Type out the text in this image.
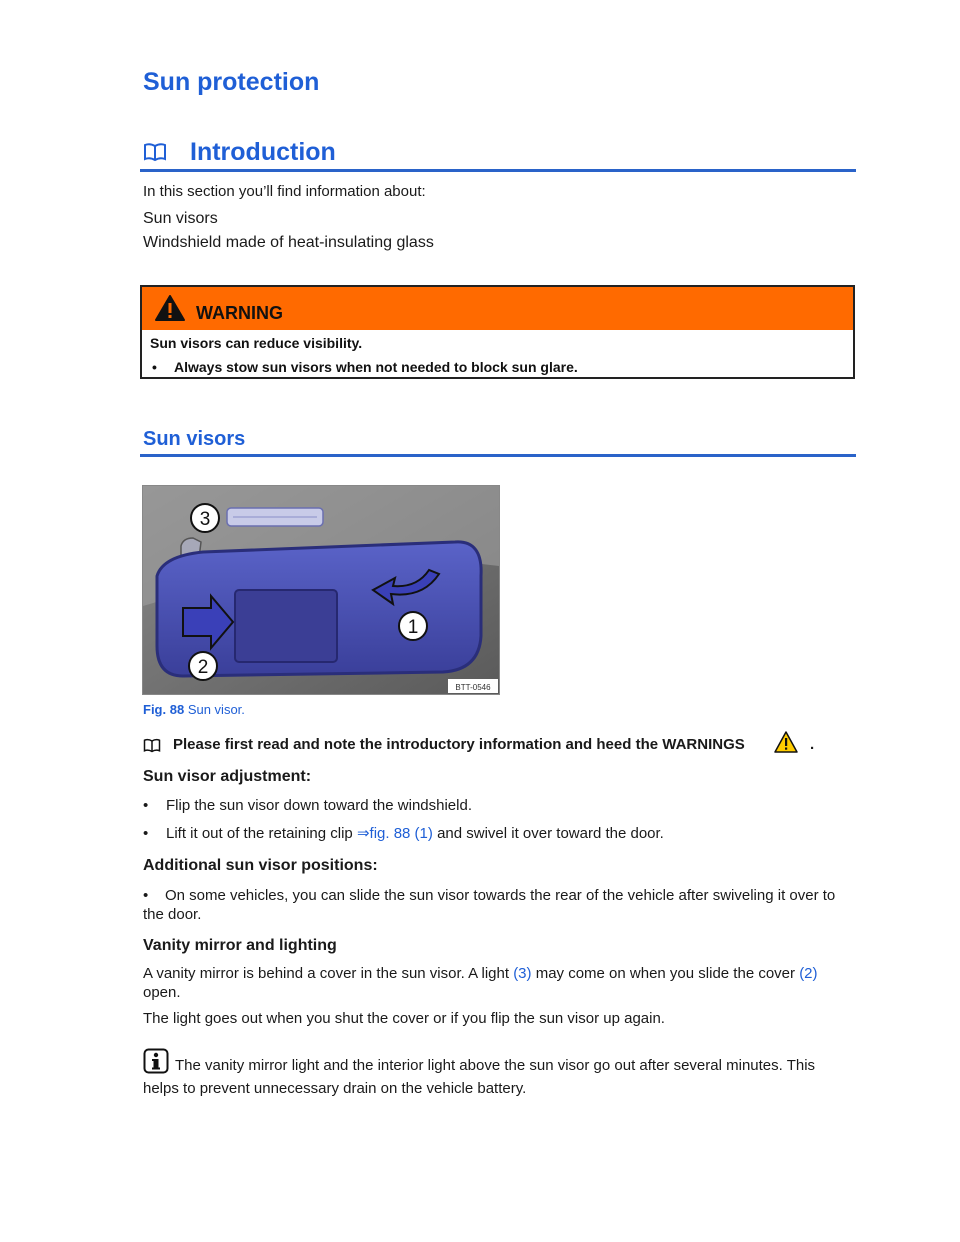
Sun protection
Introduction

In this section you’ll find information about:

Sun visors

Windshield made of heat-insulating glass

WARNING
Sun visors can reduce visibility.
• Always stow sun visors when not needed to block sun glare.
Sun visors
3
1
2
BTT-0546
Fig. 88 Sun visor.
Please first read and note the introductory information and heed the WARNINGS	.
Sun visor adjustment:
• Flip the sun visor down toward the windshield.
• Lift it out of the retaining clip ⇒fig. 88 (1) and swivel it over toward the door.
Additional sun visor positions:
• On some vehicles, you can slide the sun visor towards the rear of the vehicle after swiveling it over to the door.
Vanity mirror and lighting
A vanity mirror is behind a cover in the sun visor. A light (3) may come on when you slide the cover (2) open.
The light goes out when you shut the cover or if you flip the sun visor up again.
The vanity mirror light and the interior light above the sun visor go out after several minutes. This helps to prevent unnecessary drain on the vehicle battery.
